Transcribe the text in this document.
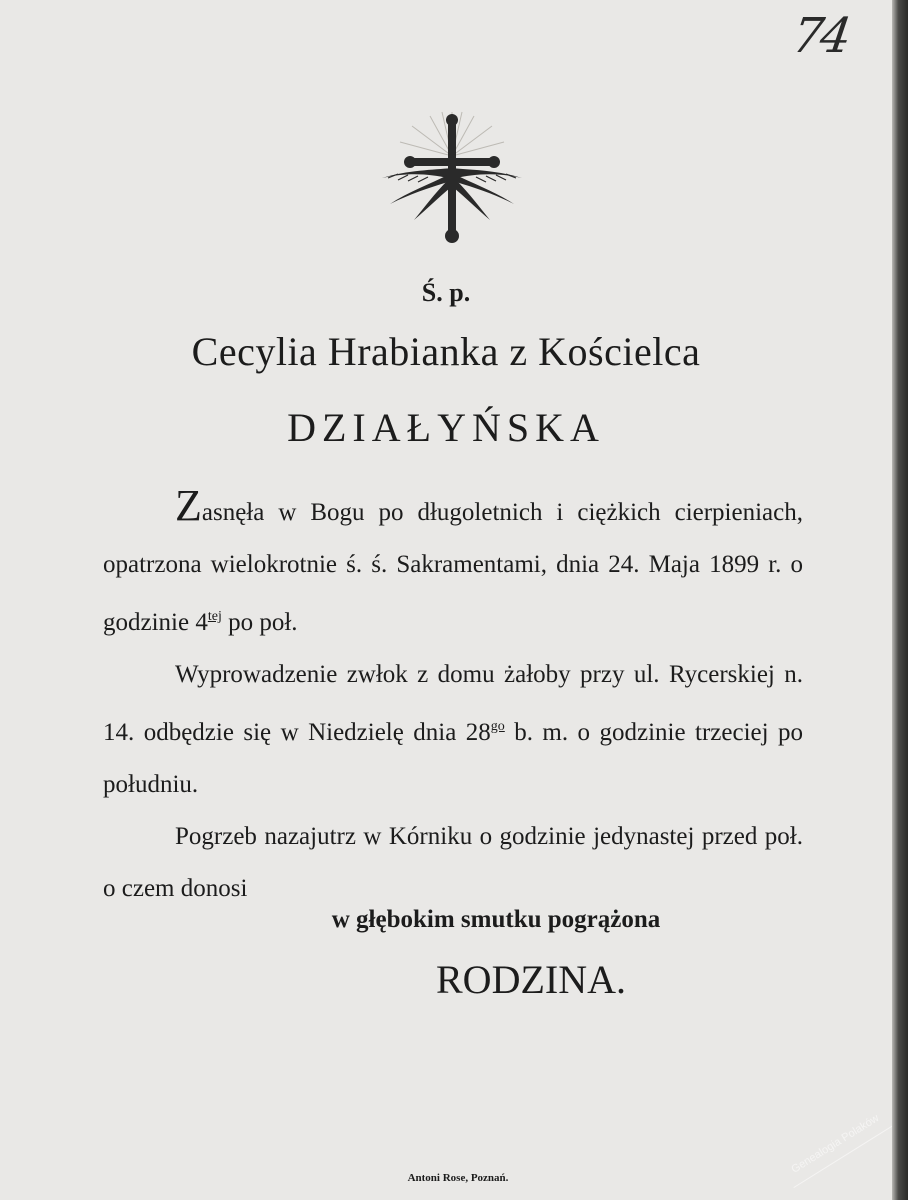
74
Ś. p.
Cecylia Hrabianka z Kościelca
DZIAŁYŃSKA

Zasnęła w Bogu po długoletnich i ciężkich cierpieniach, opatrzona wielokrotnie ś. ś. Sakramentami, dnia 24. Maja 1899 r. o godzinie $4^{tej}$ po poł.

Wyprowadzenie zwłok z domu żałoby przy ul. Rycerskiej n. 14. odbędzie się w Niedzielę dnia $28^{go}$ b. m. o godzinie trzeciej po południu.

Pogrzeb nazajutrz w Kórniku o godzinie jedynastej przed poł. o czem donosi

w głębokim smutku pogrążona
RODZINA.
Antoni Rose, Poznań.
Genealogia Polaków
